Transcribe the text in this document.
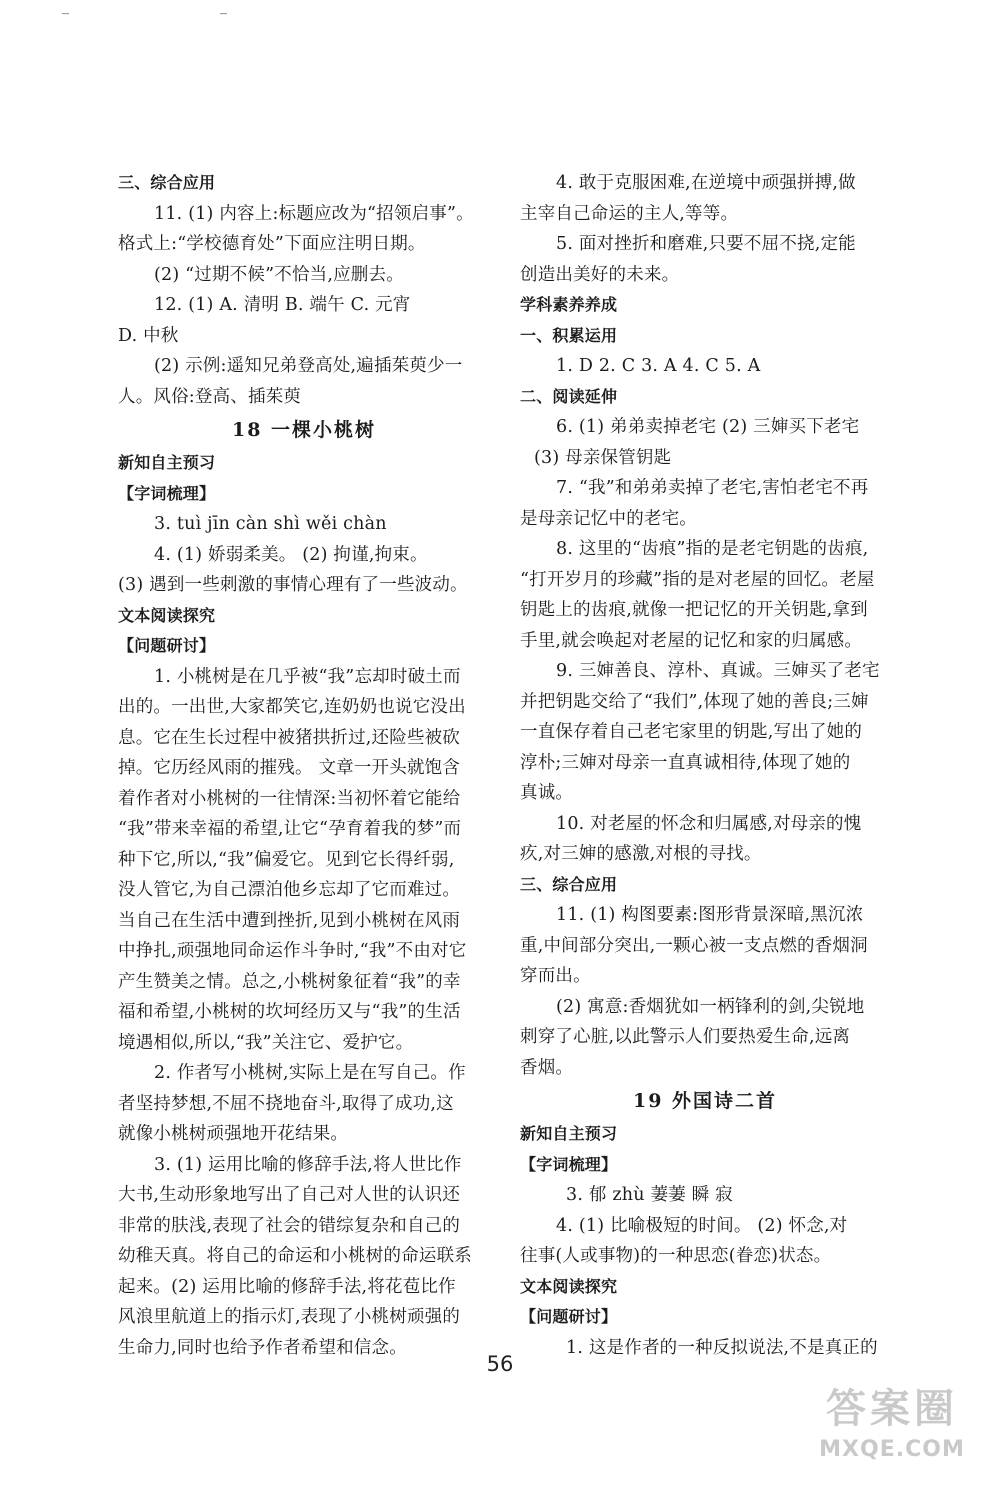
‾	‾
三、综合应用
11. (1) 内容上:标题应改为“招领启事”。
格式上:“学校德育处”下面应注明日期。
(2) “过期不候”不恰当,应删去。
12. (1) A. 清明 B. 端午 C. 元宵
D. 中秋
(2) 示例:遥知兄弟登高处,遍插茱萸少一
人。风俗:登高、插茱萸
18 一棵小桃树
新知自主预习
【字词梳理】
3. tuì jīn càn shì wěi chàn
4. (1) 娇弱柔美。 (2) 拘谨,拘束。
(3) 遇到一些刺激的事情心理有了一些波动。
文本阅读探究
【问题研讨】
1. 小桃树是在几乎被“我”忘却时破土而
出的。一出世,大家都笑它,连奶奶也说它没出
息。它在生长过程中被猪拱折过,还险些被砍
掉。它历经风雨的摧残。 文章一开头就饱含
着作者对小桃树的一往情深:当初怀着它能给
“我”带来幸福的希望,让它“孕育着我的梦”而
种下它,所以,“我”偏爱它。见到它长得纤弱,
没人管它,为自己漂泊他乡忘却了它而难过。
当自己在生活中遭到挫折,见到小桃树在风雨
中挣扎,顽强地同命运作斗争时,“我”不由对它
产生赞美之情。总之,小桃树象征着“我”的幸
福和希望,小桃树的坎坷经历又与“我”的生活
境遇相似,所以,“我”关注它、爱护它。
2. 作者写小桃树,实际上是在写自己。作
者坚持梦想,不屈不挠地奋斗,取得了成功,这
就像小桃树顽强地开花结果。
3. (1) 运用比喻的修辞手法,将人世比作
大书,生动形象地写出了自己对人世的认识还
非常的肤浅,表现了社会的错综复杂和自己的
幼稚天真。将自己的命运和小桃树的命运联系
起来。(2) 运用比喻的修辞手法,将花苞比作
风浪里航道上的指示灯,表现了小桃树顽强的
生命力,同时也给予作者希望和信念。
4. 敢于克服困难,在逆境中顽强拼搏,做
主宰自己命运的主人,等等。
5. 面对挫折和磨难,只要不屈不挠,定能
创造出美好的未来。
学科素养养成
一、积累运用
1. D 2. C 3. A 4. C 5. A
二、阅读延伸
6. (1) 弟弟卖掉老宅 (2) 三婶买下老宅
(3) 母亲保管钥匙
7. “我”和弟弟卖掉了老宅,害怕老宅不再
是母亲记忆中的老宅。
8. 这里的“齿痕”指的是老宅钥匙的齿痕,
“打开岁月的珍藏”指的是对老屋的回忆。老屋
钥匙上的齿痕,就像一把记忆的开关钥匙,拿到
手里,就会唤起对老屋的记忆和家的归属感。
9. 三婶善良、淳朴、真诚。三婶买了老宅
并把钥匙交给了“我们”,体现了她的善良;三婶
一直保存着自己老宅家里的钥匙,写出了她的
淳朴;三婶对母亲一直真诚相待,体现了她的
真诚。
10. 对老屋的怀念和归属感,对母亲的愧
疚,对三婶的感激,对根的寻找。
三、综合应用
11. (1) 构图要素:图形背景深暗,黑沉浓
重,中间部分突出,一颗心被一支点燃的香烟洞
穿而出。
(2) 寓意:香烟犹如一柄锋利的剑,尖锐地
刺穿了心脏,以此警示人们要热爱生命,远离
香烟。
19 外国诗二首
新知自主预习
【字词梳理】
3. 郁 zhù 萋萋 瞬 寂
4. (1) 比喻极短的时间。 (2) 怀念,对
往事(人或事物)的一种思恋(眷恋)状态。
文本阅读探究
【问题研讨】
1. 这是作者的一种反拟说法,不是真正的
56
答案圈
MXQE.COM
